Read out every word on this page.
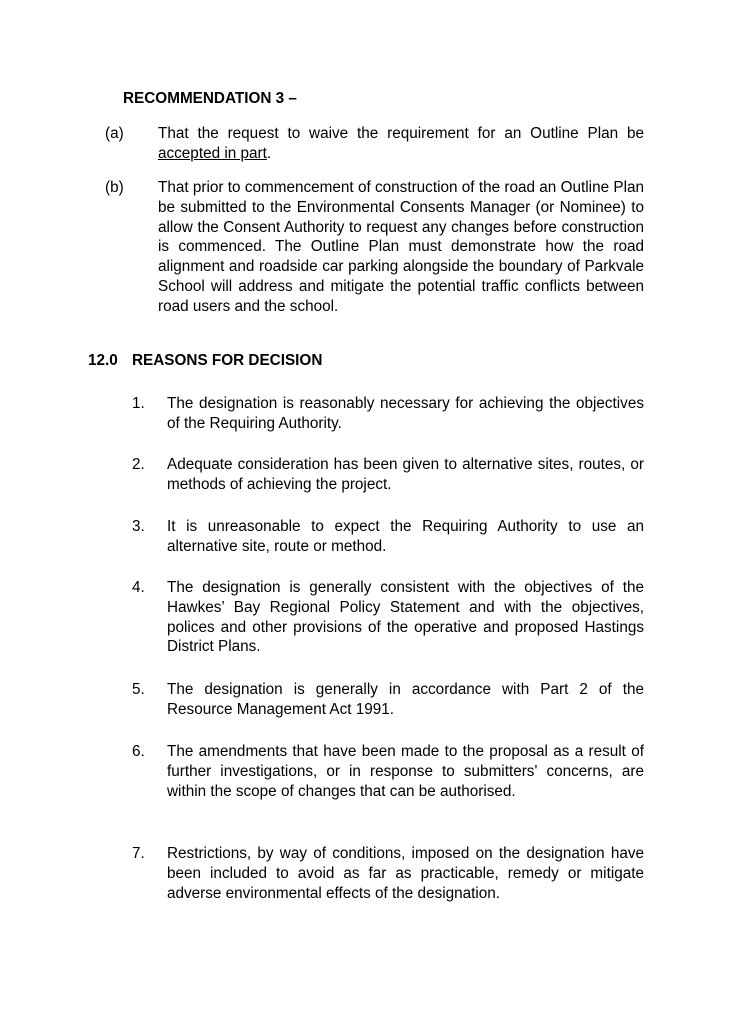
RECOMMENDATION 3 –
(a) That the request to waive the requirement for an Outline Plan be accepted in part.
(b) That prior to commencement of construction of the road an Outline Plan be submitted to the Environmental Consents Manager (or Nominee) to allow the Consent Authority to request any changes before construction is commenced. The Outline Plan must demonstrate how the road alignment and roadside car parking alongside the boundary of Parkvale School will address and mitigate the potential traffic conflicts between road users and the school.
12.0 REASONS FOR DECISION
1. The designation is reasonably necessary for achieving the objectives of the Requiring Authority.
2. Adequate consideration has been given to alternative sites, routes, or methods of achieving the project.
3. It is unreasonable to expect the Requiring Authority to use an alternative site, route or method.
4. The designation is generally consistent with the objectives of the Hawkes’ Bay Regional Policy Statement and with the objectives, polices and other provisions of the operative and proposed Hastings District Plans.
5. The designation is generally in accordance with Part 2 of the Resource Management Act 1991.
6. The amendments that have been made to the proposal as a result of further investigations, or in response to submitters' concerns, are within the scope of changes that can be authorised.
7. Restrictions, by way of conditions, imposed on the designation have been included to avoid as far as practicable, remedy or mitigate adverse environmental effects of the designation.
